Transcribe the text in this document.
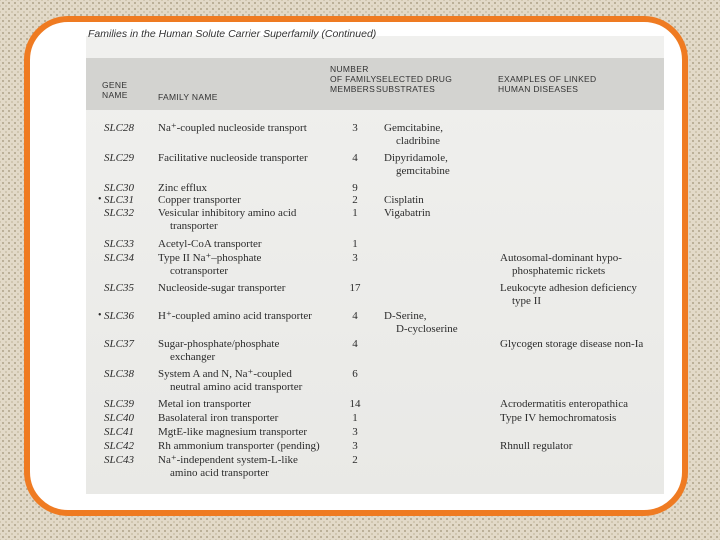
Families in the Human Solute Carrier Superfamily (Continued)
GENE
NAME	FAMILY NAME
NUMBER
OF FAMILY
MEMBERS
SELECTED DRUG
SUBSTRATES
EXAMPLES OF LINKED
HUMAN DISEASES
SLC28 Na⁺-coupled nucleoside transport	3	Gemcitabine,
cladribine
SLC29 Facilitative nucleoside transporter	4	Dipyridamole,
gemcitabine
SLC30 Zinc efflux	9
• SLC31 Copper transporter	2	Cisplatin
SLC32 Vesicular inhibitory amino acid
transporter
1	Vigabatrin
SLC33 Acetyl-CoA transporter	1
SLC34 Type II Na⁺–phosphate
cotransporter
3	Autosomal-dominant hypo-
phosphatemic rickets
SLC35 Nucleoside-sugar transporter	17	Leukocyte adhesion deficiency
type II
• SLC36 H⁺-coupled amino acid transporter	4	D-Serine,
D-cycloserine
SLC37 Sugar-phosphate/phosphate
exchanger
4	Glycogen storage disease non-Ia
SLC38 System A and N, Na⁺-coupled
neutral amino acid transporter
6
SLC39 Metal ion transporter	14	Acrodermatitis enteropathica
SLC40 Basolateral iron transporter	1	Type IV hemochromatosis
SLC41 MgtE-like magnesium transporter	3
SLC42 Rh ammonium transporter (pending)	3	Rhnull regulator
SLC43 Na⁺-independent system-L-like
amino acid transporter
2
